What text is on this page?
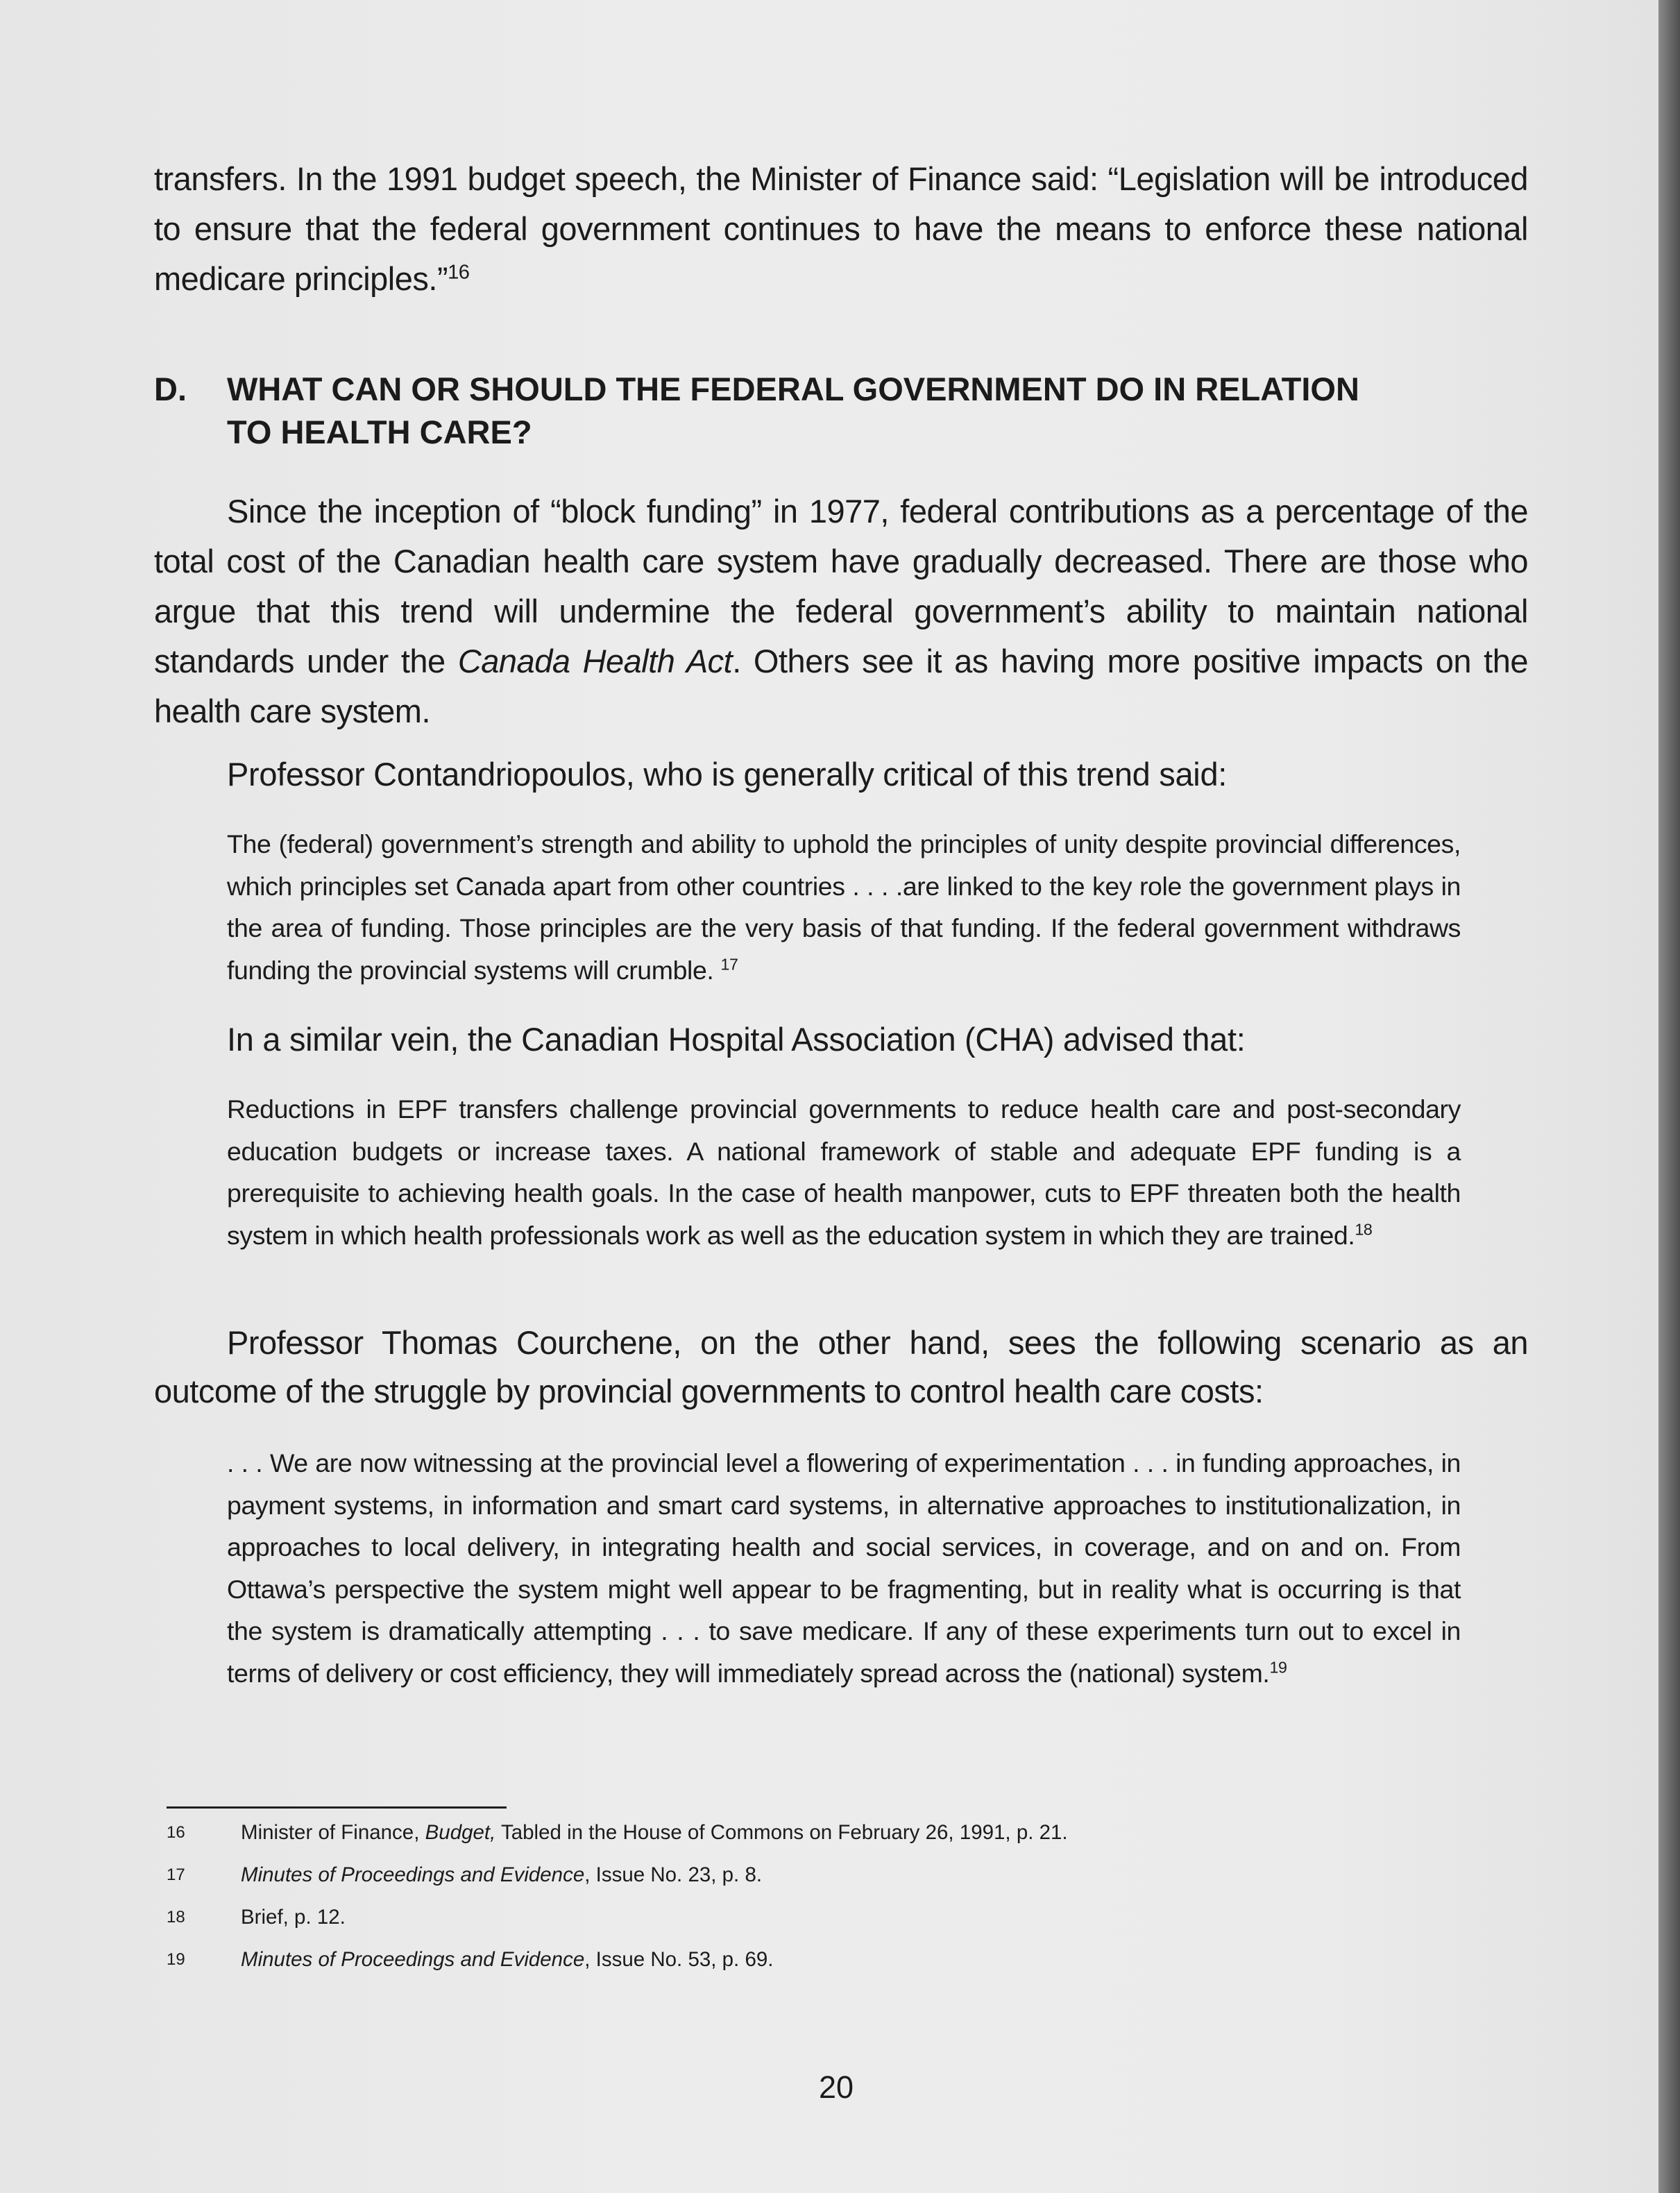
transfers. In the 1991 budget speech, the Minister of Finance said: “Legislation will be introduced to ensure that the federal government continues to have the means to enforce these national medicare principles.”$^{16}$

D. WHAT CAN OR SHOULD THE FEDERAL GOVERNMENT DO IN RELATION
TO HEALTH CARE?

Since the inception of “block funding” in 1977, federal contributions as a percentage of the total cost of the Canadian health care system have gradually decreased. There are those who argue that this trend will undermine the federal government’s ability to maintain national standards under the Canada Health Act. Others see it as having more positive impacts on the health care system.

Professor Contandriopoulos, who is generally critical of this trend said:

The (federal) government’s strength and ability to uphold the principles of unity despite provincial differences, which principles set Canada apart from other countries . . . .are linked to the key role the government plays in the area of funding. Those principles are the very basis of that funding. If the federal government withdraws funding the provincial systems will crumble. $^{17}$

In a similar vein, the Canadian Hospital Association (CHA) advised that:

Reductions in EPF transfers challenge provincial governments to reduce health care and post-secondary education budgets or increase taxes. A national framework of stable and adequate EPF funding is a prerequisite to achieving health goals. In the case of health manpower, cuts to EPF threaten both the health system in which health professionals work as well as the education system in which they are trained.$^{18}$

Professor Thomas Courchene, on the other hand, sees the following scenario as an outcome of the struggle by provincial governments to control health care costs:

. . . We are now witnessing at the provincial level a flowering of experimentation . . . in funding approaches, in payment systems, in information and smart card systems, in alternative approaches to institutionalization, in approaches to local delivery, in integrating health and social services, in coverage, and on and on. From Ottawa’s perspective the system might well appear to be fragmenting, but in reality what is occurring is that the system is dramatically attempting . . . to save medicare. If any of these experiments turn out to excel in terms of delivery or cost efficiency, they will immediately spread across the (national) system.$^{19}$

16	Minister of Finance, Budget, Tabled in the House of Commons on February 26, 1991, p. 21.
17	Minutes of Proceedings and Evidence, Issue No. 23, p. 8.
18	Brief, p. 12.
19	Minutes of Proceedings and Evidence, Issue No. 53, p. 69.
20
